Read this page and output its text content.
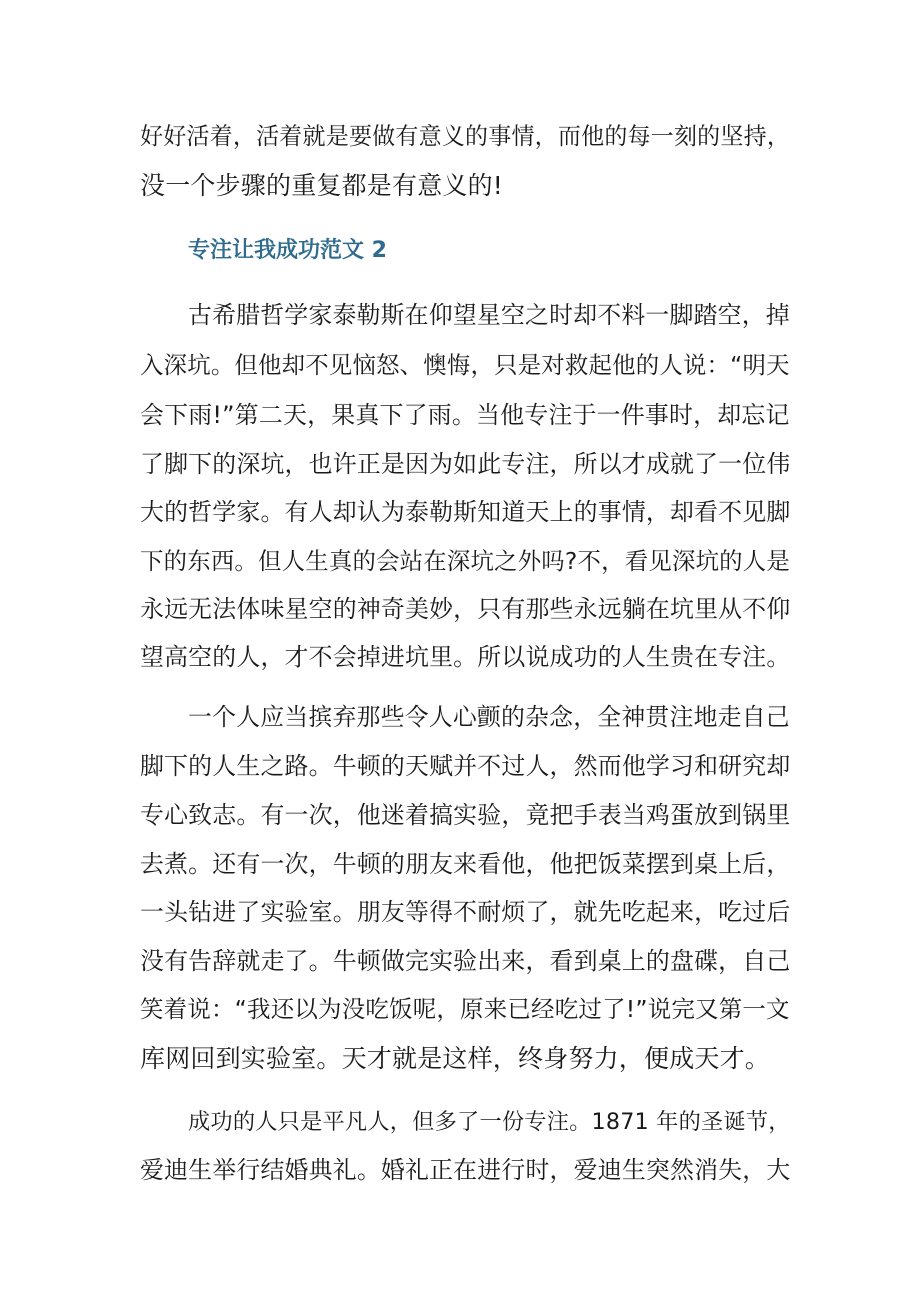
好好活着，活着就是要做有意义的事情，而他的每一刻的坚持，
没一个步骤的重复都是有意义的!
专注让我成功范文 2
古希腊哲学家泰勒斯在仰望星空之时却不料一脚踏空，掉
入深坑。但他却不见恼怒、懊悔，只是对救起他的人说：“明天
会下雨!”第二天，果真下了雨。当他专注于一件事时，却忘记
了脚下的深坑，也许正是因为如此专注，所以才成就了一位伟
大的哲学家。有人却认为泰勒斯知道天上的事情，却看不见脚
下的东西。但人生真的会站在深坑之外吗?不，看见深坑的人是
永远无法体味星空的神奇美妙，只有那些永远躺在坑里从不仰
望高空的人，才不会掉进坑里。所以说成功的人生贵在专注。
一个人应当摈弃那些令人心颤的杂念，全神贯注地走自己
脚下的人生之路。牛顿的天赋并不过人，然而他学习和研究却
专心致志。有一次，他迷着搞实验，竟把手表当鸡蛋放到锅里
去煮。还有一次，牛顿的朋友来看他，他把饭菜摆到桌上后，
一头钻进了实验室。朋友等得不耐烦了，就先吃起来，吃过后
没有告辞就走了。牛顿做完实验出来，看到桌上的盘碟，自己
笑着说：“我还以为没吃饭呢，原来已经吃过了!”说完又第一文
库网回到实验室。天才就是这样，终身努力，便成天才。
成功的人只是平凡人，但多了一份专注。1871 年的圣诞节，
爱迪生举行结婚典礼。婚礼正在进行时，爱迪生突然消失，大
